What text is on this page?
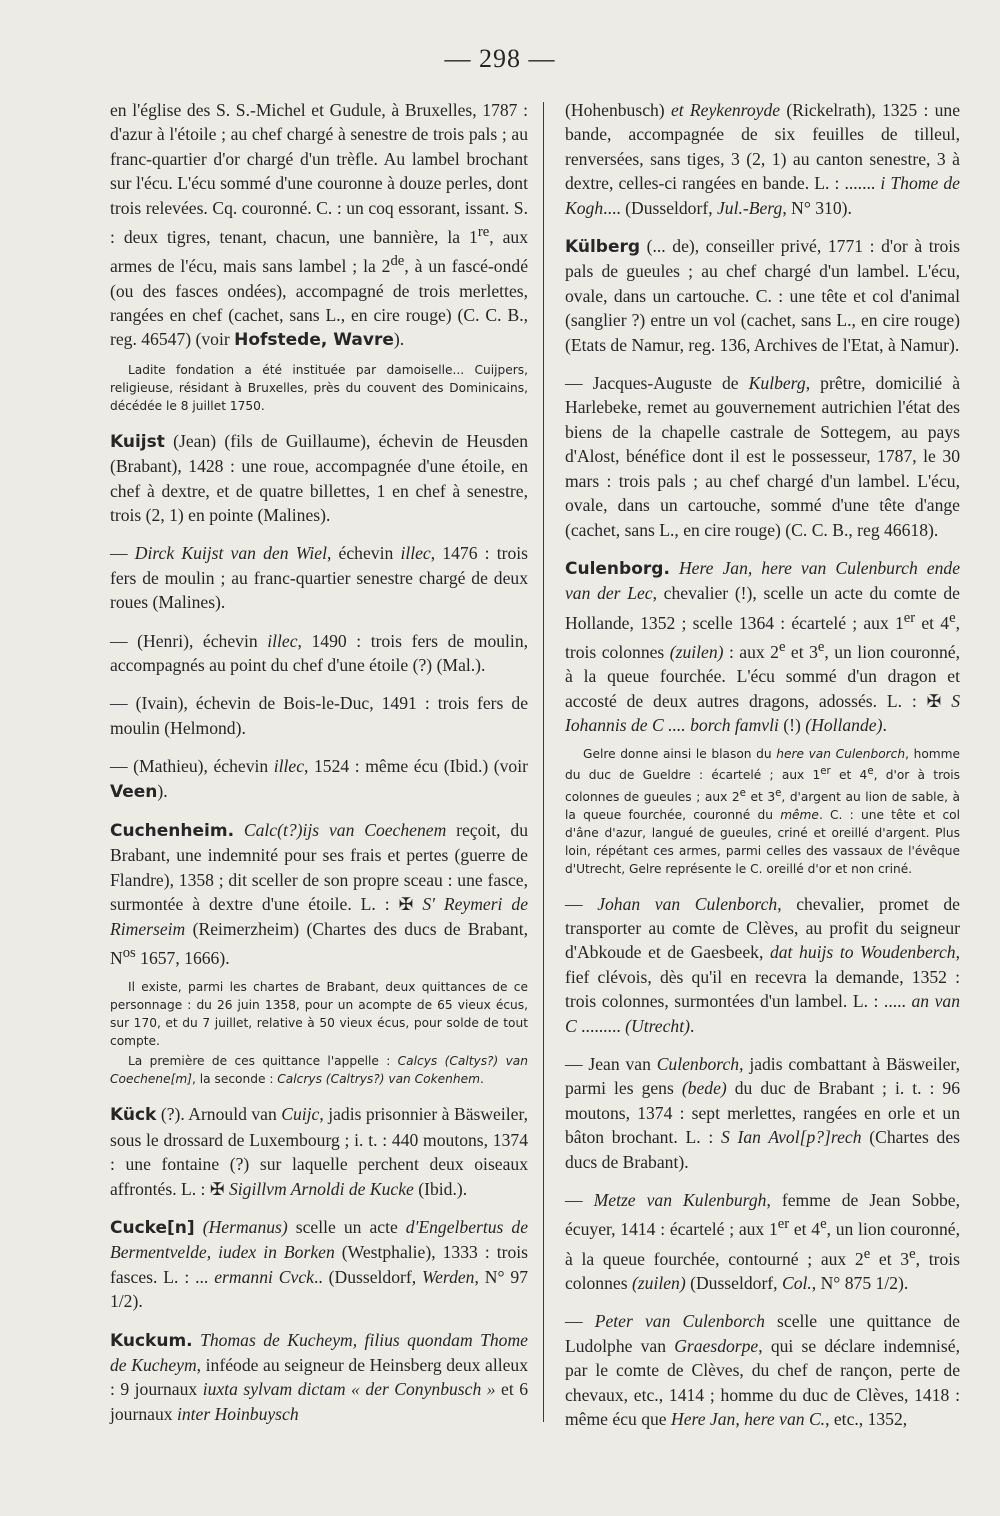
— 298 —

en l'église des S. S.-Michel et Gudule, à Bruxelles, 1787 : d'azur à l'étoile ; au chef chargé à senestre de trois pals ; au franc-quartier d'or chargé d'un trèfle. Au lambel brochant sur l'écu. L'écu sommé d'une couronne à douze perles, dont trois relevées. Cq. couronné. C. : un coq essorant, issant. S. : deux tigres, tenant, chacun, une bannière, la 1re, aux armes de l'écu, mais sans lambel ; la 2de, à un fascé-ondé (ou des fasces ondées), accompagné de trois merlettes, rangées en chef (cachet, sans L., en cire rouge) (C. C. B., reg. 46547) (voir Hofstede, Wavre).

Ladite fondation a été instituée par damoiselle... Cuijpers, religieuse, résidant à Bruxelles, près du couvent des Dominicains, décédée le 8 juillet 1750.

Kuijst (Jean) (fils de Guillaume), échevin de Heusden (Brabant), 1428 : une roue, accompagnée d'une étoile, en chef à dextre, et de quatre billettes, 1 en chef à senestre, trois (2, 1) en pointe (Malines).

— Dirck Kuijst van den Wiel, échevin illec, 1476 : trois fers de moulin ; au franc-quartier senestre chargé de deux roues (Malines).

— (Henri), échevin illec, 1490 : trois fers de moulin, accompagnés au point du chef d'une étoile (?) (Mal.).

— (Ivain), échevin de Bois-le-Duc, 1491 : trois fers de moulin (Helmond).

— (Mathieu), échevin illec, 1524 : même écu (Ibid.) (voir Veen).

Cuchenheim. Calc(t?)ijs van Coechenem reçoit, du Brabant, une indemnité pour ses frais et pertes (guerre de Flandre), 1358 ; dit sceller de son propre sceau : une fasce, surmontée à dextre d'une étoile. L. : ✠ S' Reymeri de Rimerseim (Reimerzheim) (Chartes des ducs de Brabant, $N^{os}$ 1657, 1666).

Il existe, parmi les chartes de Brabant, deux quittances de ce personnage : du 26 juin 1358, pour un acompte de 65 vieux écus, sur 170, et du 7 juillet, relative à 50 vieux écus, pour solde de tout compte.

La première de ces quittance l'appelle : Calcys (Caltys?) van Coechene[m], la seconde : Calcrys (Caltrys?) van Cokenhem.

Kück (?). Arnould van Cuijc, jadis prisonnier à Bäsweiler, sous le drossard de Luxembourg ; i. t. : 440 moutons, 1374 : une fontaine (?) sur laquelle perchent deux oiseaux affrontés. L. : ✠ Sigillvm Arnoldi de Kucke (Ibid.).

Cucke[n] (Hermanus) scelle un acte d'Engelbertus de Bermentvelde, iudex in Borken (Westphalie), 1333 : trois fasces. L. : ... ermanni Cvck.. (Dusseldorf, Werden, N° 97 1/2).

Kuckum. Thomas de Kucheym, filius quondam Thome de Kucheym, inféode au seigneur de Heinsberg deux alleux : 9 journaux iuxta sylvam dictam « der Conynbusch » et 6 journaux inter Hoinbuysch

(Hohenbusch) et Reykenroyde (Rickelrath), 1325 : une bande, accompagnée de six feuilles de tilleul, renversées, sans tiges, 3 (2, 1) au canton senestre, 3 à dextre, celles-ci rangées en bande. L. : ....... i Thome de Kogh.... (Dusseldorf, Jul.-Berg, N° 310).

Külberg (... de), conseiller privé, 1771 : d'or à trois pals de gueules ; au chef chargé d'un lambel. L'écu, ovale, dans un cartouche. C. : une tête et col d'animal (sanglier ?) entre un vol (cachet, sans L., en cire rouge) (Etats de Namur, reg. 136, Archives de l'Etat, à Namur).

— Jacques-Auguste de Kulberg, prêtre, domicilié à Harlebeke, remet au gouvernement autrichien l'état des biens de la chapelle castrale de Sottegem, au pays d'Alost, bénéfice dont il est le possesseur, 1787, le 30 mars : trois pals ; au chef chargé d'un lambel. L'écu, ovale, dans un cartouche, sommé d'une tête d'ange (cachet, sans L., en cire rouge) (C. C. B., reg 46618).

Culenborg. Here Jan, here van Culenburch ende van der Lec, chevalier (!), scelle un acte du comte de Hollande, 1352 ; scelle 1364 : écartelé ; aux 1er et 4e, trois colonnes (zuilen) : aux 2e et 3e, un lion couronné, à la queue fourchée. L'écu sommé d'un dragon et accosté de deux autres dragons, adossés. L. : ✠ S Iohannis de C .... borch famvli (!) (Hollande).

Gelre donne ainsi le blason du here van Culenborch, homme du duc de Gueldre : écartelé ; aux 1er et 4e, d'or à trois colonnes de gueules ; aux 2e et 3e, d'argent au lion de sable, à la queue fourchée, couronné du même. C. : une tête et col d'âne d'azur, langué de gueules, criné et oreillé d'argent. Plus loin, répétant ces armes, parmi celles des vassaux de l'évêque d'Utrecht, Gelre représente le C. oreillé d'or et non criné.

— Johan van Culenborch, chevalier, promet de transporter au comte de Clèves, au profit du seigneur d'Abkoude et de Gaesbeek, dat huijs to Woudenberch, fief clévois, dès qu'il en recevra la demande, 1352 : trois colonnes, surmontées d'un lambel. L. : ..... an van C ......... (Utrecht).

— Jean van Culenborch, jadis combattant à Bäsweiler, parmi les gens (bede) du duc de Brabant ; i. t. : 96 moutons, 1374 : sept merlettes, rangées en orle et un bâton brochant. L. : S Ian Avol[p?]rech (Chartes des ducs de Brabant).

— Metze van Kulenburgh, femme de Jean Sobbe, écuyer, 1414 : écartelé ; aux 1er et 4e, un lion couronné, à la queue fourchée, contourné ; aux 2e et 3e, trois colonnes (zuilen) (Dusseldorf, Col., N° 875 1/2).

— Peter van Culenborch scelle une quittance de Ludolphe van Graesdorpe, qui se déclare indemnisé, par le comte de Clèves, du chef de rançon, perte de chevaux, etc., 1414 ; homme du duc de Clèves, 1418 : même écu que Here Jan, here van C., etc., 1352,
